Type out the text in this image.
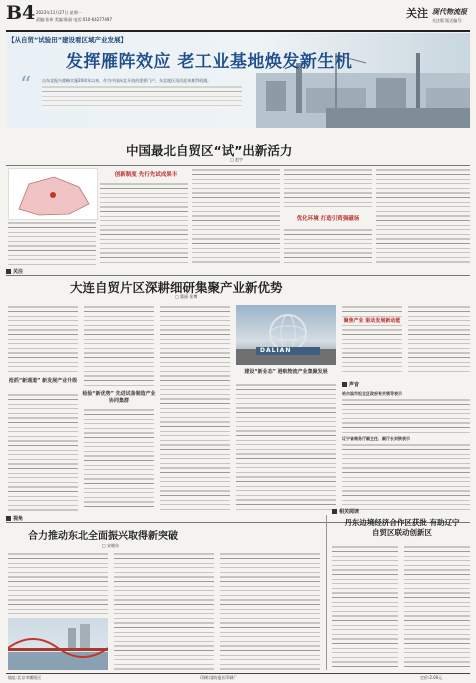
B4 2023年11月27日 星期一
责编:张伟 美编:陈丽 电话:010-64277497	关注 现代物流报
关注版 版式编号:
【从自贸“试验田”建设看区域产业发展】
发挥雁阵效应 老工业基地焕发新生机
“	自东北振兴战略实施20周年以来，作为中国向北开放的重要门户，东北地区再次迎来难得机遇。
中国最北自贸区“试”出新活力
□ 赵宇
创新制度 先行先试成果丰
优化环境 打造引资强磁场
关注
大连自贸片区深耕细研集聚产业新优势
□ 董丽 张博
抢抓“新通道” 新发展产业升级
检验“新优势” 先进试备制造产业协同集群
DALIAN
建设“新业态” 港航物流产业集聚发展
聚焦产业 驱动发展新动能
声音
哈尔滨市松北区政府有关领导表示
辽宁省商务厅副主任、副厅长刘铁表示
视角
合力推动东北全面振兴取得新突破
□ 宋晓东
相关阅读
丹东边境经济合作区获批 有助辽宁自贸区联动创新区
地址:北京市朝阳区	印刷:国防报社印刷厂	定价:2.00元
